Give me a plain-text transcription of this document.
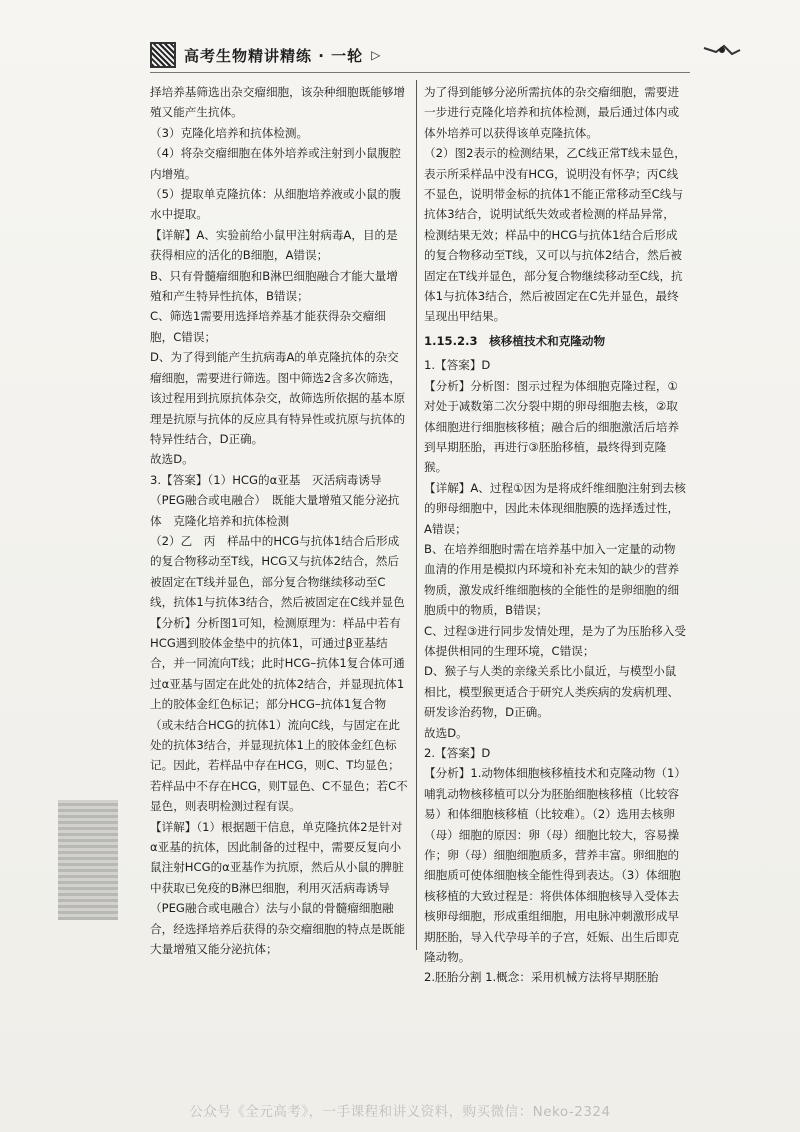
高考生物精讲精练 · 一轮 ▷

择培养基筛选出杂交瘤细胞，该杂种细胞既能够增殖又能产生抗体。

（3）克隆化培养和抗体检测。

（4）将杂交瘤细胞在体外培养或注射到小鼠腹腔内增殖。

（5）提取单克隆抗体：从细胞培养液或小鼠的腹水中提取。

【详解】A、实验前给小鼠甲注射病毒A，目的是获得相应的活化的B细胞，A错误；

B、只有骨髓瘤细胞和B淋巴细胞融合才能大量增殖和产生特异性抗体，B错误；

C、筛选1需要用选择培养基才能获得杂交瘤细胞，C错误；

D、为了得到能产生抗病毒A的单克隆抗体的杂交瘤细胞，需要进行筛选。图中筛选2含多次筛选，该过程用到抗原抗体杂交，故筛选所依据的基本原理是抗原与抗体的反应具有特异性或抗原与抗体的特异性结合，D正确。

故选D。

3.【答案】（1）HCG的α亚基　灭活病毒诱导（PEG融合或电融合）　既能大量增殖又能分泌抗体　克隆化培养和抗体检测

（2）乙　丙　样品中的HCG与抗体1结合后形成的复合物移动至T线，HCG又与抗体2结合，然后被固定在T线并显色，部分复合物继续移动至C线，抗体1与抗体3结合，然后被固定在C线并显色

【分析】分析图1可知，检测原理为：样品中若有HCG遇到胶体金垫中的抗体1，可通过β亚基结合，并一同流向T线；此时HCG–抗体1复合体可通过α亚基与固定在此处的抗体2结合，并显现抗体1上的胶体金红色标记；部分HCG–抗体1复合物（或未结合HCG的抗体1）流向C线，与固定在此处的抗体3结合，并显现抗体1上的胶体金红色标记。因此，若样品中存在HCG，则C、T均显色；若样品中不存在HCG，则T显色、C不显色；若C不显色，则表明检测过程有误。

【详解】（1）根据题干信息，单克隆抗体2是针对α亚基的抗体，因此制备的过程中，需要反复向小鼠注射HCG的α亚基作为抗原，然后从小鼠的脾脏中获取已免疫的B淋巴细胞，利用灭活病毒诱导（PEG融合或电融合）法与小鼠的骨髓瘤细胞融合，经选择培养后获得的杂交瘤细胞的特点是既能大量增殖又能分泌抗体；

为了得到能够分泌所需抗体的杂交瘤细胞，需要进一步进行克隆化培养和抗体检测，最后通过体内或体外培养可以获得该单克隆抗体。

（2）图2表示的检测结果，乙C线正常T线未显色，表示所采样品中没有HCG，说明没有怀孕；丙C线不显色，说明带金标的抗体1不能正常移动至C线与抗体3结合，说明试纸失效或者检测的样品异常，检测结果无效；样品中的HCG与抗体1结合后形成的复合物移动至T线，又可以与抗体2结合，然后被固定在T线并显色，部分复合物继续移动至C线，抗体1与抗体3结合，然后被固定在C先并显色，最终呈现出甲结果。

1.15.2.3　核移植技术和克隆动物

1.【答案】D

【分析】分析图：图示过程为体细胞克隆过程，①对处于减数第二次分裂中期的卵母细胞去核，②取体细胞进行细胞核移植；融合后的细胞激活后培养到早期胚胎，再进行③胚胎移植，最终得到克隆猴。

【详解】A、过程①因为是将成纤维细胞注射到去核的卵母细胞中，因此未体现细胞膜的选择透过性，A错误；

B、在培养细胞时需在培养基中加入一定量的动物血清的作用是模拟内环境和补充未知的缺少的营养物质，激发成纤维细胞核的全能性的是卵细胞的细胞质中的物质，B错误；

C、过程③进行同步发情处理，是为了为压胎移入受体提供相同的生理环境，C错误；

D、猴子与人类的亲缘关系比小鼠近，与模型小鼠相比，模型猴更适合于研究人类疾病的发病机理、研发诊治药物，D正确。

故选D。

2.【答案】D

【分析】1.动物体细胞核移植技术和克隆动物（1）哺乳动物核移植可以分为胚胎细胞核移植（比较容易）和体细胞核移植（比较难）。（2）选用去核卵（母）细胞的原因：卵（母）细胞比较大，容易操作；卵（母）细胞细胞质多，营养丰富。卵细胞的细胞质可使体细胞核全能性得到表达。（3）体细胞核移植的大致过程是：将供体体细胞核导入受体去核卵母细胞，形成重组细胞，用电脉冲刺激形成早期胚胎，导入代孕母羊的子宫，妊娠、出生后即克隆动物。

2.胚胎分割 1.概念：采用机械方法将早期胚胎

公众号《全元高考》，一手课程和讲义资料，购买微信：Neko-2324
